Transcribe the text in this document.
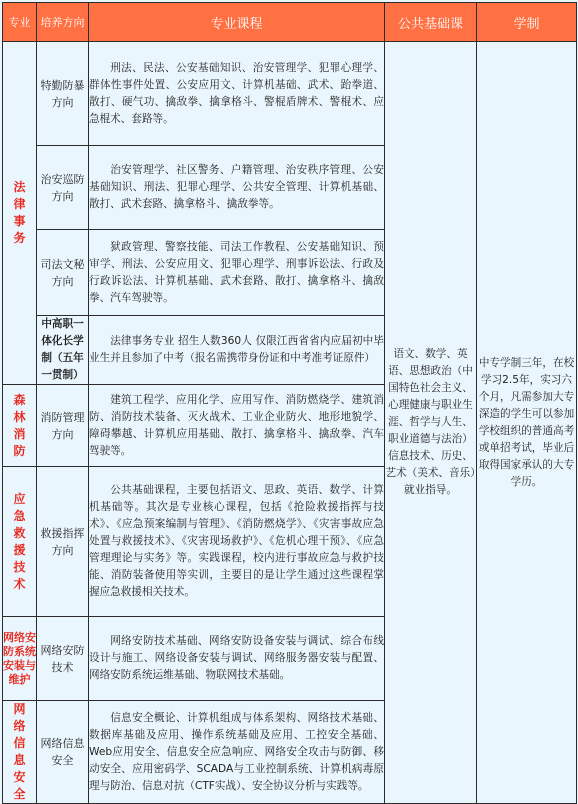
专业	培养方向	专业课程	公共基础课	学制
法律事务	特勤防暴方向	刑法、民法、公安基础知识、治安管理学、犯罪心理学、群体性事件处置、公安应用文、计算机基础、武术、跆拳道、散打、硬气功、擒敌拳、擒拿格斗、警棍盾牌术、警棍术、应急棍术、套路等。	语文、数学、英语、思想政治（中国特色社会主义、心理健康与职业生涯、哲学与人生、职业道德与法治）信息技术、历史、艺术（美术、音乐）就业指导。	中专学制三年，在校学习2.5年，实习六个月，凡需参加大专深造的学生可以参加学校组织的普通高考或单招考试，毕业后取得国家承认的大专学历。
	治安巡防方向	治安管理学、社区警务、户籍管理、治安秩序管理、公安基础知识、刑法、犯罪心理学、公共安全管理、计算机基础、散打、武术套路、擒拿格斗、擒敌拳等。		
	司法文秘方向	狱政管理、警察技能、司法工作教程、公安基础知识、预审学、刑法、公安应用文、犯罪心理学、刑事诉讼法、行政及行政诉讼法、计算机基础、武术套路、散打、擒拿格斗、擒敌拳、汽车驾驶等。		
	中高职一体化长学制（五年一贯制）	法律事务专业 招生人数360人 仅限江西省省内应届初中毕业生并且参加了中考（报名需携带身份证和中考准考证原件）		
森林消防	消防管理方向	建筑工程学、应用化学、应用写作、消防燃烧学、建筑消防、消防技术装备、灭火战术、工业企业防火、地形地貌学、障碍攀越、计算机应用基础、散打、擒拿格斗、擒敌拳、汽车驾驶等。		
应急救援技术	救援指挥方向	公共基础课程，主要包括语文、思政、英语、数学、计算机基础等。其次是专业核心课程，包括《抢险救援指挥与技术》、《应急预案编制与管理》、《消防燃烧学》、《灾害事故应急处置与救援技术》、《灾害现场救护》、《危机心理干预》、《应急管理理论与实务》等。实践课程，校内进行事故应急与救护技能、消防装备使用等实训，主要目的是让学生通过这些课程掌握应急救援相关技术。		
网络安防系统安装与维护	网络安防技术	网络安防技术基础、网络安防设备安装与调试、综合布线设计与施工、网络设备安装与调试、网络服务器安装与配置、网络安防系统运维基础、物联网技术基础。		
网络信息安全	网络信息安全	信息安全概论、计算机组成与体系架构、网络技术基础、数据库基础及应用、操作系统基础及应用、工控安全基础、Web应用安全、信息安全应急响应、网络安全攻击与防御、移动安全、应用密码学、SCADA与工业控制系统、计算机病毒原理与防治、信息对抗（CTF实战）、安全协议分析与实践等。		
